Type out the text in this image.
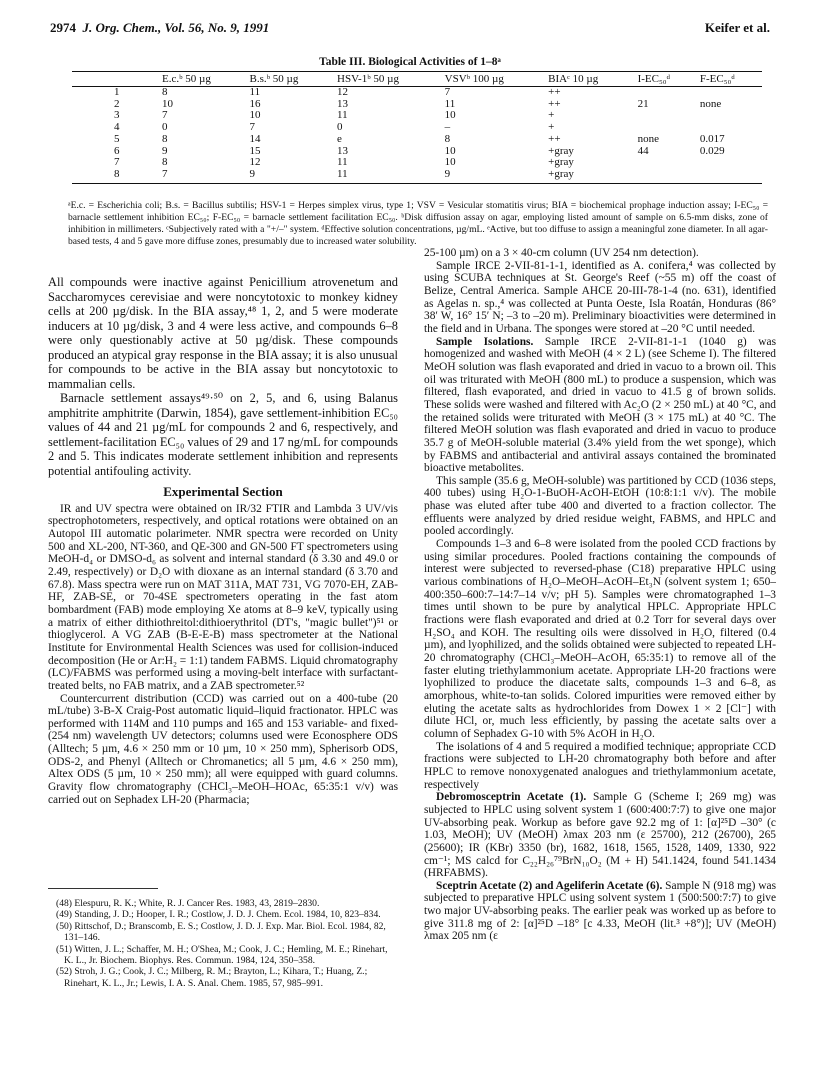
2974 J. Org. Chem., Vol. 56, No. 9, 1991	Keifer et al.
Table III. Biological Activities of 1–8ᵃ
	E.c.ᵇ 50 µg	B.s.ᵇ 50 µg	HSV-1ᵇ 50 µg	VSVᵇ 100 µg	BIAᶜ 10 µg	I-EC₅₀ᵈ	F-EC₅₀ᵈ
1	8	11	12	7	++		
2	10	16	13	11	++	21	none
3	7	10	11	10	+		
4	0	7	0	–	+		
5	8	14	e	8	++	none	0.017
6	9	15	13	10	+gray	44	0.029
7	8	12	11	10	+gray		
8	7	9	11	9	+gray		
ᵃE.c. = Escherichia coli; B.s. = Bacillus subtilis; HSV-1 = Herpes simplex virus, type 1; VSV = Vesicular stomatitis virus; BIA = biochemical prophage induction assay; I-EC₅₀ = barnacle settlement inhibition EC₅₀; F-EC₅₀ = barnacle settlement facilitation EC₅₀. ᵇDisk diffusion assay on agar, employing listed amount of sample on 6.5-mm disks, zone of inhibition in millimeters. ᶜSubjectively rated with a "+/–" system. ᵈEffective solution concentrations, µg/mL. ᵉActive, but too diffuse to assign a meaningful zone diameter. In all agar-based tests, 4 and 5 gave more diffuse zones, presumably due to increased water solubility.

All compounds were inactive against Penicillium atrovenetum and Saccharomyces cerevisiae and were noncytotoxic to monkey kidney cells at 200 µg/disk. In the BIA assay,⁴⁸ 1, 2, and 5 were moderate inducers at 10 µg/disk, 3 and 4 were less active, and compounds 6–8 were only questionably active at 50 µg/disk. These compounds produced an atypical gray response in the BIA assay; it is also unusual for compounds to be active in the BIA assay but noncytotoxic to mammalian cells.

Barnacle settlement assays⁴⁹·⁵⁰ on 2, 5, and 6, using Balanus amphitrite amphitrite (Darwin, 1854), gave settlement-inhibition EC₅₀ values of 44 and 21 µg/mL for compounds 2 and 6, respectively, and settlement-facilitation EC₅₀ values of 29 and 17 ng/mL for compounds 2 and 5. This indicates moderate settlement inhibition and represents potential antifouling activity.

Experimental Section

IR and UV spectra were obtained on IR/32 FTIR and Lambda 3 UV/vis spectrophotometers, respectively, and optical rotations were obtained on an Autopol III automatic polarimeter. NMR spectra were recorded on Unity 500 and XL-200, NT-360, and QE-300 and GN-500 FT spectrometers using MeOH-d₄ or DMSO-d₆ as solvent and internal standard (δ 3.30 and 49.0 or 2.49, respectively) or D₂O with dioxane as an internal standard (δ 3.70 and 67.8). Mass spectra were run on MAT 311A, MAT 731, VG 7070-EH, ZAB-HF, ZAB-SE, or 70-4SE spectrometers operating in the fast atom bombardment (FAB) mode employing Xe atoms at 8–9 keV, typically using a matrix of either dithiothreitol:dithioerythritol (DT's, "magic bullet")⁵¹ or thioglycerol. A VG ZAB (B-E-E-B) mass spectrometer at the National Institute for Environmental Health Sciences was used for collision-induced decomposition (He or Ar:H₂ = 1:1) tandem FABMS. Liquid chromatography (LC)/FABMS was performed using a moving-belt interface with surfactant-treated belts, no FAB matrix, and a ZAB spectrometer.⁵²

Countercurrent distribution (CCD) was carried out on a 400-tube (20 mL/tube) 3-B-X Craig-Post automatic liquid–liquid fractionator. HPLC was performed with 114M and 110 pumps and 165 and 153 variable- and fixed-(254 nm) wavelength UV detectors; columns used were Econosphere ODS (Alltech; 5 µm, 4.6 × 250 mm or 10 µm, 10 × 250 mm), Spherisorb ODS, ODS-2, and Phenyl (Alltech or Chromanetics; all 5 µm, 4.6 × 250 mm), Altex ODS (5 µm, 10 × 250 mm); all were equipped with guard columns. Gravity flow chromatography (CHCl₃–MeOH–HOAc, 65:35:1 v/v) was carried out on Sephadex LH-20 (Pharmacia;

(48) Elespuru, R. K.; White, R. J. Cancer Res. 1983, 43, 2819–2830.
(49) Standing, J. D.; Hooper, I. R.; Costlow, J. D. J. Chem. Ecol. 1984, 10, 823–834.
(50) Rittschof, D.; Branscomb, E. S.; Costlow, J. D. J. Exp. Mar. Biol. Ecol. 1984, 82, 131–146.
(51) Witten, J. L.; Schaffer, M. H.; O'Shea, M.; Cook, J. C.; Hemling, M. E.; Rinehart, K. L., Jr. Biochem. Biophys. Res. Commun. 1984, 124, 350–358.
(52) Stroh, J. G.; Cook, J. C.; Milberg, R. M.; Brayton, L.; Kihara, T.; Huang, Z.; Rinehart, K. L., Jr.; Lewis, I. A. S. Anal. Chem. 1985, 57, 985–991.

25-100 µm) on a 3 × 40-cm column (UV 254 nm detection).

Sample IRCE 2-VII-81-1-1, identified as A. conifera,⁴ was collected by using SCUBA techniques at St. George's Reef (~55 m) off the coast of Belize, Central America. Sample AHCE 20-III-78-1-4 (no. 631), identified as Agelas n. sp.,⁴ was collected at Punta Oeste, Isla Roatán, Honduras (86° 38′ W, 16° 15′ N; –3 to –20 m). Preliminary bioactivities were determined in the field and in Urbana. The sponges were stored at –20 °C until needed.

Sample Isolations. Sample IRCE 2-VII-81-1-1 (1040 g) was homogenized and washed with MeOH (4 × 2 L) (see Scheme I). The filtered MeOH solution was flash evaporated and dried in vacuo to a brown oil. This oil was triturated with MeOH (800 mL) to produce a suspension, which was filtered, flash evaporated, and dried in vacuo to 41.5 g of brown solids. These solids were washed and filtered with Ac₂O (2 × 250 mL) at 40 °C, and the retained solids were triturated with MeOH (3 × 175 mL) at 40 °C. The filtered MeOH solution was flash evaporated and dried in vacuo to produce 35.7 g of MeOH-soluble material (3.4% yield from the wet sponge), which by FABMS and antibacterial and antiviral assays contained the brominated bioactive metabolites.

This sample (35.6 g, MeOH-soluble) was partitioned by CCD (1036 steps, 400 tubes) using H₂O-1-BuOH-AcOH-EtOH (10:8:1:1 v/v). The mobile phase was eluted after tube 400 and diverted to a fraction collector. The effluents were analyzed by dried residue weight, FABMS, and HPLC and pooled accordingly.

Compounds 1–3 and 6–8 were isolated from the pooled CCD fractions by using similar procedures. Pooled fractions containing the compounds of interest were subjected to reversed-phase (C18) preparative HPLC using various combinations of H₂O–MeOH–AcOH–Et₃N (solvent system 1; 650–400:350–600:7–14:7–14 v/v; pH 5). Samples were chromatographed 1–3 times until shown to be pure by analytical HPLC. Appropriate HPLC fractions were flash evaporated and dried at 0.2 Torr for several days over H₂SO₄ and KOH. The resulting oils were dissolved in H₂O, filtered (0.4 µm), and lyophilized, and the solids obtained were subjected to repeated LH-20 chromatography (CHCl₃–MeOH–AcOH, 65:35:1) to remove all of the faster eluting triethylammonium acetate. Appropriate LH-20 fractions were lyophilized to produce the diacetate salts, compounds 1–3 and 6–8, as amorphous, white-to-tan solids. Colored impurities were removed either by eluting the acetate salts as hydrochlorides from Dowex 1 × 2 [Cl⁻] with dilute HCl, or, much less efficiently, by passing the acetate salts over a column of Sephadex G-10 with 5% AcOH in H₂O.

The isolations of 4 and 5 required a modified technique; appropriate CCD fractions were subjected to LH-20 chromatography both before and after HPLC to remove nonoxygenated analogues and triethylammonium acetate, respectively

Debromosceptrin Acetate (1). Sample G (Scheme I; 269 mg) was subjected to HPLC using solvent system 1 (600:400:7:7) to give one major UV-absorbing peak. Workup as before gave 92.2 mg of 1: [α]²⁵D –30° (c 1.03, MeOH); UV (MeOH) λmax 203 nm (ε 25700), 212 (26700), 265 (25600); IR (KBr) 3350 (br), 1682, 1618, 1565, 1528, 1409, 1330, 922 cm⁻¹; MS calcd for C₂₂H₂₆⁷⁹BrN₁₀O₂ (M + H) 541.1424, found 541.1434 (HRFABMS).

Sceptrin Acetate (2) and Ageliferin Acetate (6). Sample N (918 mg) was subjected to preparative HPLC using solvent system 1 (500:500:7:7) to give two major UV-absorbing peaks. The earlier peak was worked up as before to give 311.8 mg of 2: [α]²⁵D –18° [c 4.33, MeOH (lit.³ +8°)]; UV (MeOH) λmax 205 nm (ε
